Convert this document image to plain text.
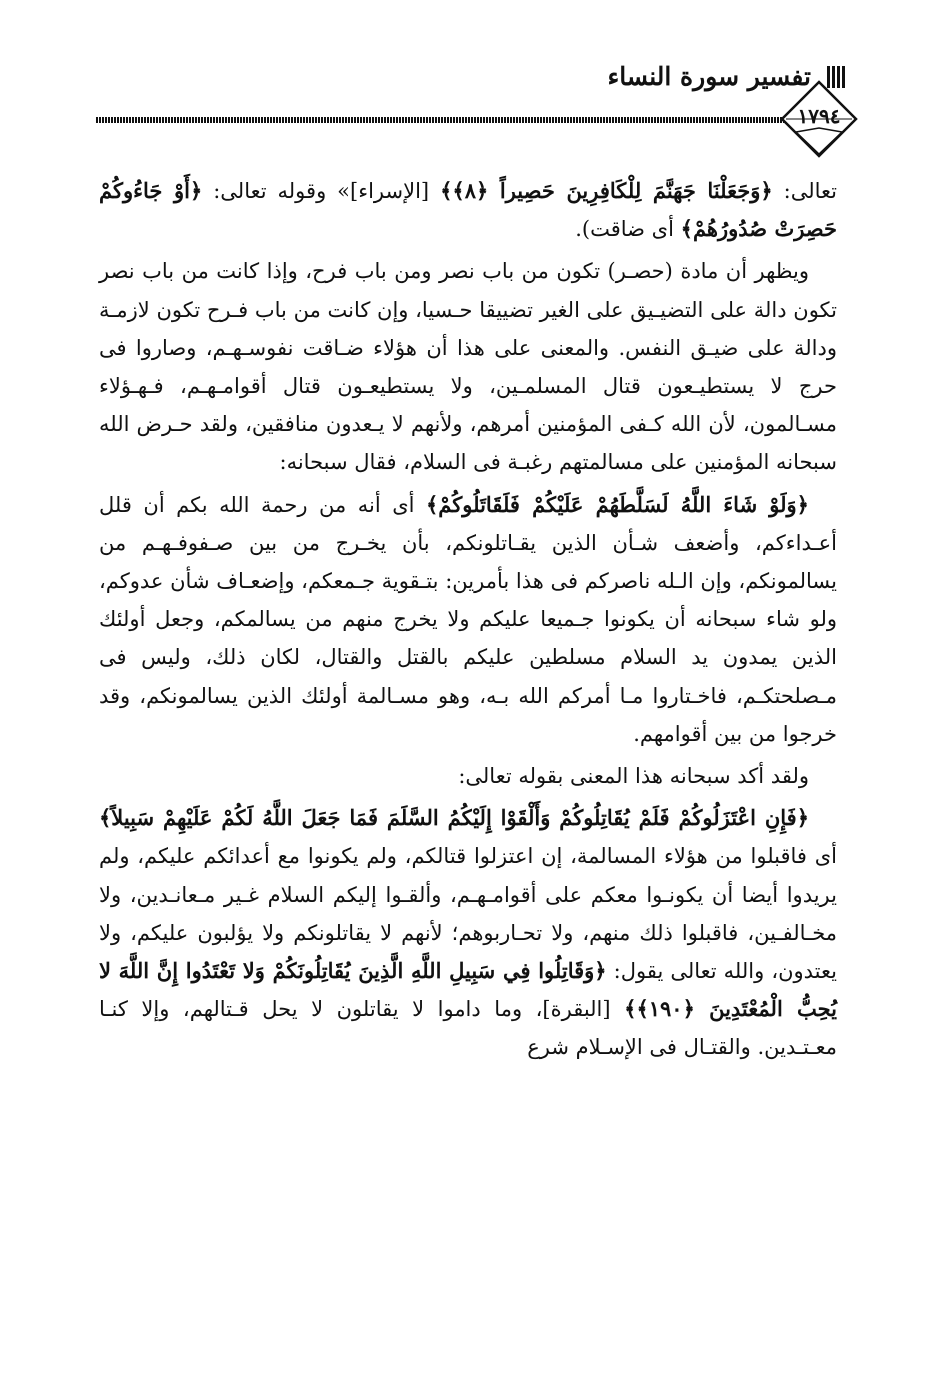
تفسير سورة النساء
١٧٩٤

تعالى: ﴿وَجَعَلْنَا جَهَنَّمَ لِلْكَافِرِينَ حَصِيراً ﴿٨﴾﴾ [الإسراء]» وقوله تعالى: ﴿أَوْ جَاءُوكُمْ حَصِرَتْ صُدُورُهُمْ﴾ أى ضاقت).

ويظهر أن مادة (حصـر) تكون من باب نصر ومن باب فرح، وإذا كانت من باب نصر تكون دالة على التضيـيق على الغير تضييقا حـسيا، وإن كانت من باب فـرح تكون لازمـة ودالة على ضيـق النفس. والمعنى على هذا أن هؤلاء ضـاقت نفوسـهـم، وصاروا فى حرج لا يستطيـعون قتال المسلمـين، ولا يستطيعـون قتال أقوامـهـم، فـهـؤلاء مسـالمون، لأن الله كـفى المؤمنين أمرهم، ولأنهم لا يـعدون منافقين، ولقد حـرض الله سبحانه المؤمنين على مسالمتهم رغبـة فى السلام، فقال سبحانه:

﴿وَلَوْ شَاءَ اللَّهُ لَسَلَّطَهُمْ عَلَيْكُمْ فَلَقَاتَلُوكُمْ﴾ أى أنه من رحمة الله بكم أن قلل أعـداءكم، وأضعف شـأن الذين يقـاتلونكم، بأن يخـرج من بين صـفوفـهـم من يسالمونكم، وإن الـله ناصركم فى هذا بأمرين: بتـقوية جـمعكم، وإضعـاف شأن عدوكم، ولو شاء سبحانه أن يكونوا جـميعا عليكم ولا يخرج منهم من يسالمكم، وجعل أولئك الذين يمدون يد السلام مسلطين عليكم بالقتل والقتال، لكان ذلك، وليس فى مـصلحتكـم، فاخـتاروا مـا أمركم الله بـه، وهو مسـالمة أولئك الذين يسالمونكم، وقد خرجوا من بين أقوامهم.

ولقد أكد سبحانه هذا المعنى بقوله تعالى:

﴿فَإِنِ اعْتَزَلُوكُمْ فَلَمْ يُقَاتِلُوكُمْ وَأَلْقَوْا إِلَيْكُمُ السَّلَمَ فَمَا جَعَلَ اللَّهُ لَكُمْ عَلَيْهِمْ سَبِيلاً﴾ أى فاقبلوا من هؤلاء المسالمة، إن اعتزلوا قتالكم، ولم يكونوا مع أعدائكم عليكم، ولم يريدوا أيضا أن يكونـوا معكم على أقوامـهـم، وألقـوا إليكم السلام غـير مـعانـدين، ولا مخـالفـين، فاقبلوا ذلك منهم، ولا تحـاربوهم؛ لأنهم لا يقاتلونكم ولا يؤلبون عليكم، ولا يعتدون، والله تعالى يقول: ﴿وَقَاتِلُوا فِي سَبِيلِ اللَّهِ الَّذِينَ يُقَاتِلُونَكُمْ وَلا تَعْتَدُوا إِنَّ اللَّهَ لا يُحِبُّ الْمُعْتَدِينَ ﴿١٩٠﴾﴾ [البقرة]، وما داموا لا يقاتلون لا يحل قـتالهم، وإلا كنـا معـتـدين. والقتـال فى الإسـلام شرع
